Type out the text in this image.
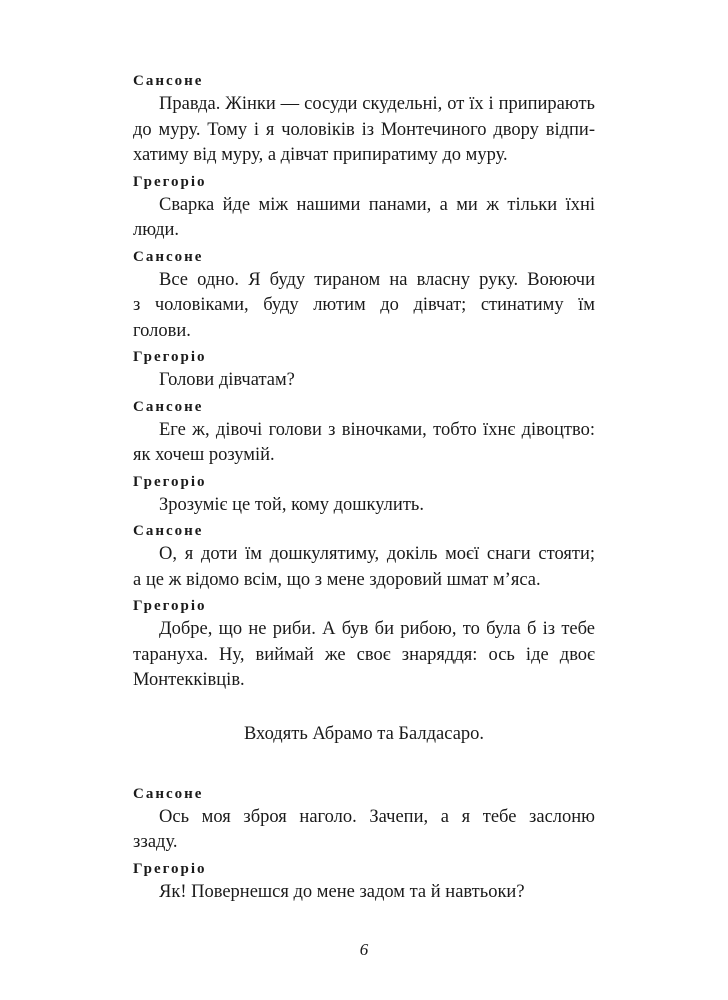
Сансоне
Правда. Жінки — сосуди скудельні, от їх і припирають
до муру. Тому і я чоловіків із Монтечиного двору відпи-
хатиму від муру, а дівчат припиратиму до муру.
Грегоріо
Сварка йде між нашими панами, а ми ж тільки їхні
люди.
Сансоне
Все одно. Я буду тираном на власну руку. Воюючи
з чоловіками, буду лютим до дівчат; стинатиму їм
голови.
Грегоріо
Голови дівчатам?
Сансоне
Еге ж, дівочі голови з віночками, тобто їхнє дівоцтво:
як хочеш розумій.
Грегоріо
Зрозуміє це той, кому дошкулить.
Сансоне
О, я доти їм дошкулятиму, докіль моєї снаги стояти;
а це ж відомо всім, що з мене здоровий шмат м’яса.
Грегоріо
Добре, що не риби. А був би рибою, то була б із тебе
тарануха. Ну, виймай же своє знаряддя: ось іде двоє
Монтекківців.
Входять Абрамо та Балдасаро.
Сансоне
Ось моя зброя наголо. Зачепи, а я тебе заслоню
ззаду.
Грегоріо
Як! Повернешся до мене задом та й навтьоки?
6
